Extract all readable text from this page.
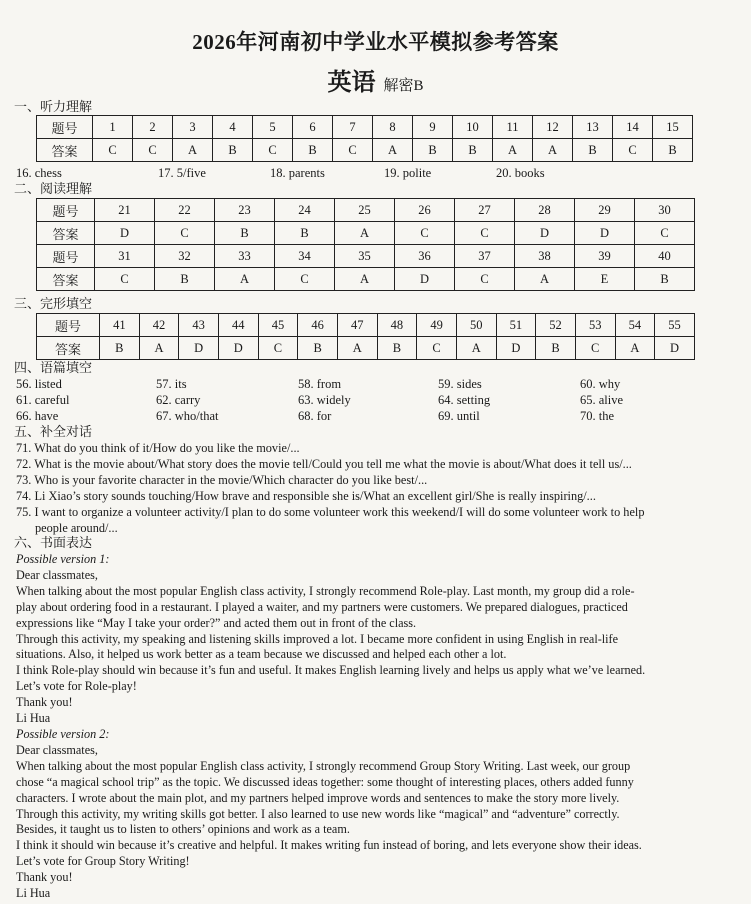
2026年河南初中学业水平模拟参考答案
英语 解密B
一、听力理解
题号	1	2	3	4	5	6	7	8	9	10	11	12	13	14	15
答案	C	C	A	B	C	B	C	A	B	B	A	A	B	C	B
16. chess	17. 5/five	18. parents	19. polite	20. books
二、阅读理解
题号	21	22	23	24	25	26	27	28	29	30
答案	D	C	B	B	A	C	C	D	D	C
题号	31	32	33	34	35	36	37	38	39	40
答案	C	B	A	C	A	D	C	A	E	B
三、完形填空
题号	41	42	43	44	45	46	47	48	49	50	51	52	53	54	55
答案	B	A	D	D	C	B	A	B	C	A	D	B	C	A	D
四、语篇填空
56. listed	57. its	58. from	59. sides	60. why
61. careful	62. carry	63. widely	64. setting	65. alive
66. have	67. who/that	68. for	69. until	70. the
五、补全对话
71. What do you think of it/How do you like the movie/...
72. What is the movie about/What story does the movie tell/Could you tell me what the movie is about/What does it tell us/...
73. Who is your favorite character in the movie/Which character do you like best/...
74. Li Xiao’s story sounds touching/How brave and responsible she is/What an excellent girl/She is really inspiring/...
75. I want to organize a volunteer activity/I plan to do some volunteer work this weekend/I will do some volunteer work to help
people around/...
六、书面表达
Possible version 1:
Dear classmates,
When talking about the most popular English class activity, I strongly recommend Role-play. Last month, my group did a role-
play about ordering food in a restaurant. I played a waiter, and my partners were customers. We prepared dialogues, practiced
expressions like “May I take your order?” and acted them out in front of the class.
Through this activity, my speaking and listening skills improved a lot. I became more confident in using English in real-life
situations. Also, it helped us work better as a team because we discussed and helped each other a lot.
I think Role-play should win because it’s fun and useful. It makes English learning lively and helps us apply what we’ve learned.
Let’s vote for Role-play!
Thank you!
Li Hua
Possible version 2:
Dear classmates,
When talking about the most popular English class activity, I strongly recommend Group Story Writing. Last week, our group
chose “a magical school trip” as the topic. We discussed ideas together: some thought of interesting places, others added funny
characters. I wrote about the main plot, and my partners helped improve words and sentences to make the story more lively.
Through this activity, my writing skills got better. I also learned to use new words like “magical” and “adventure” correctly.
Besides, it taught us to listen to others’ opinions and work as a team.
I think it should win because it’s creative and helpful. It makes writing fun instead of boring, and lets everyone show their ideas.
Let’s vote for Group Story Writing!
Thank you!
Li Hua
